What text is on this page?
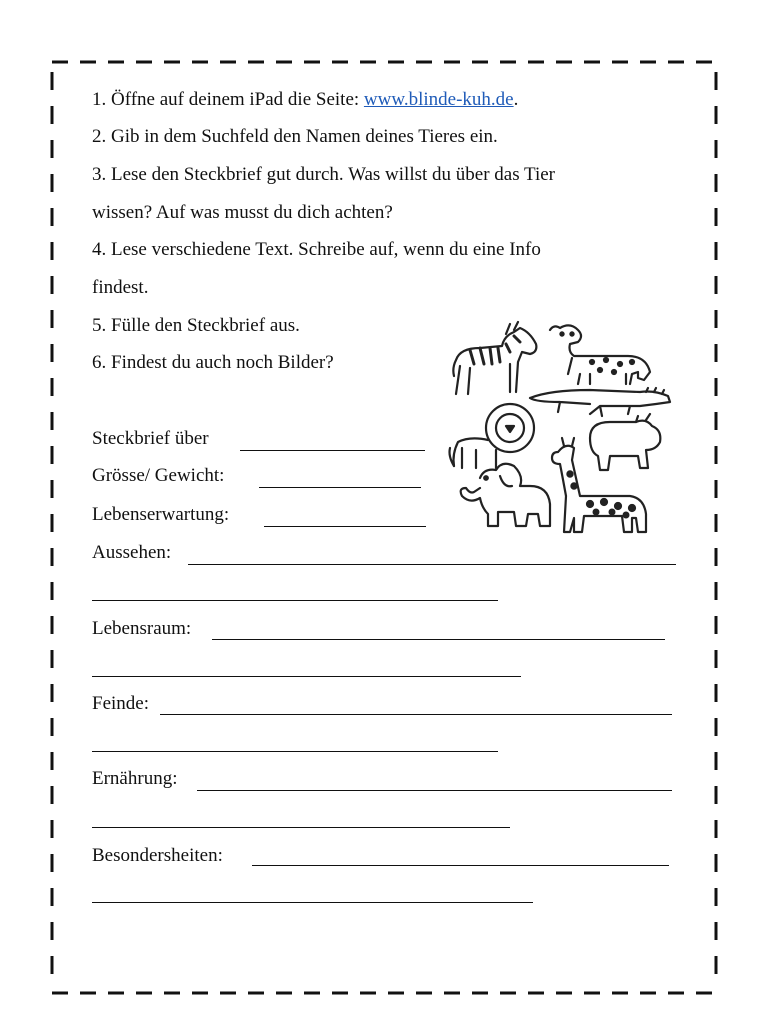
1. Öffne auf deinem iPad die Seite: www.blinde-kuh.de.
2. Gib in dem Suchfeld den Namen deines Tieres ein.
3. Lese den Steckbrief gut durch. Was willst du über das Tier
wissen? Auf was musst du dich achten?
4. Lese verschiedene Text. Schreibe auf, wenn du eine Info
findest.
5. Fülle den Steckbrief aus.
6. Findest du auch noch Bilder?
Steckbrief über
Grösse/ Gewicht:
Lebenserwartung:
Aussehen:
Lebensraum:
Feinde:
Ernährung:
Besondersheiten:
